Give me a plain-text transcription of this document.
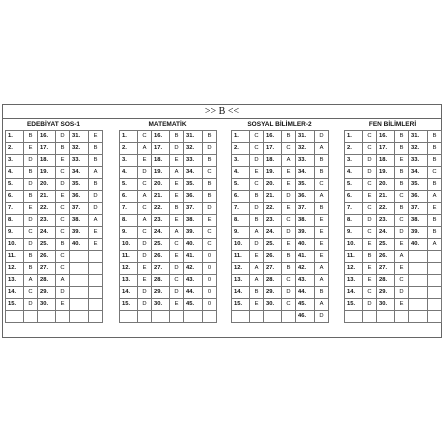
>> B <<
EDEBİYAT SOS-1
1.	B	16.	D	31.	E
2.	E	17.	B	32.	B
3.	D	18.	E	33.	B
4.	B	19.	C	34.	A
5.	D	20.	D	35.	B
6.	B	21.	E	36.	D
7.	E	22.	C	37.	D
8.	D	23.	C	38.	A
9.	C	24.	C	39.	E
10.	D	25.	B	40.	E
11.	B	26.	C		
12.	B	27.	C		
13.	A	28.	A		
14.	C	29.	D		
15.	D	30.	E		

MATEMATİK
1.	C	16.	B	31.	B
2.	A	17.	D	32.	D
3.	E	18.	E	33.	B
4.	D	19.	A	34.	C
5.	C	20.	E	35.	B
6.	A	21.	E	36.	B
7.	C	22.	B	37.	D
8.	A	23.	E	38.	E
9.	C	24.	A	39.	C
10.	D	25.	C	40.	C
11.	D	26.	E	41.	0
12.	E	27.	D	42.	0
13.	E	28.	C	43.	0
14.	D	29.	D	44.	0
15.	D	30.	E	45.	0

SOSYAL BİLİMLER-2
1.	C	16.	B	31.	D
2.	C	17.	C	32.	A
3.	D	18.	A	33.	B
4.	E	19.	E	34.	B
5.	C	20.	E	35.	C
6.	B	21.	D	36.	A
7.	D	22.	E	37.	B
8.	B	23.	C	38.	E
9.	A	24.	D	39.	E
10.	D	25.	E	40.	E
11.	E	26.	B	41.	E
12.	A	27.	B	42.	A
13.	A	28.	C	43.	A
14.	B	29.	D	44.	B
15.	E	30.	C	45.	A
				46.	D
FEN BİLİMLERİ
1.	C	16.	B	31.	B
2.	C	17.	B	32.	B
3.	D	18.	E	33.	B
4.	D	19.	B	34.	C
5.	C	20.	B	35.	B
6.	E	21.	C	36.	A
7.	C	22.	B	37.	E
8.	D	23.	C	38.	B
9.	C	24.	D	39.	B
10.	E	25.	E	40.	A
11.	B	26.	A		
12.	E	27.	E		
13.	E	28.	C		
14.	C	29.	D		
15.	D	30.	E		
